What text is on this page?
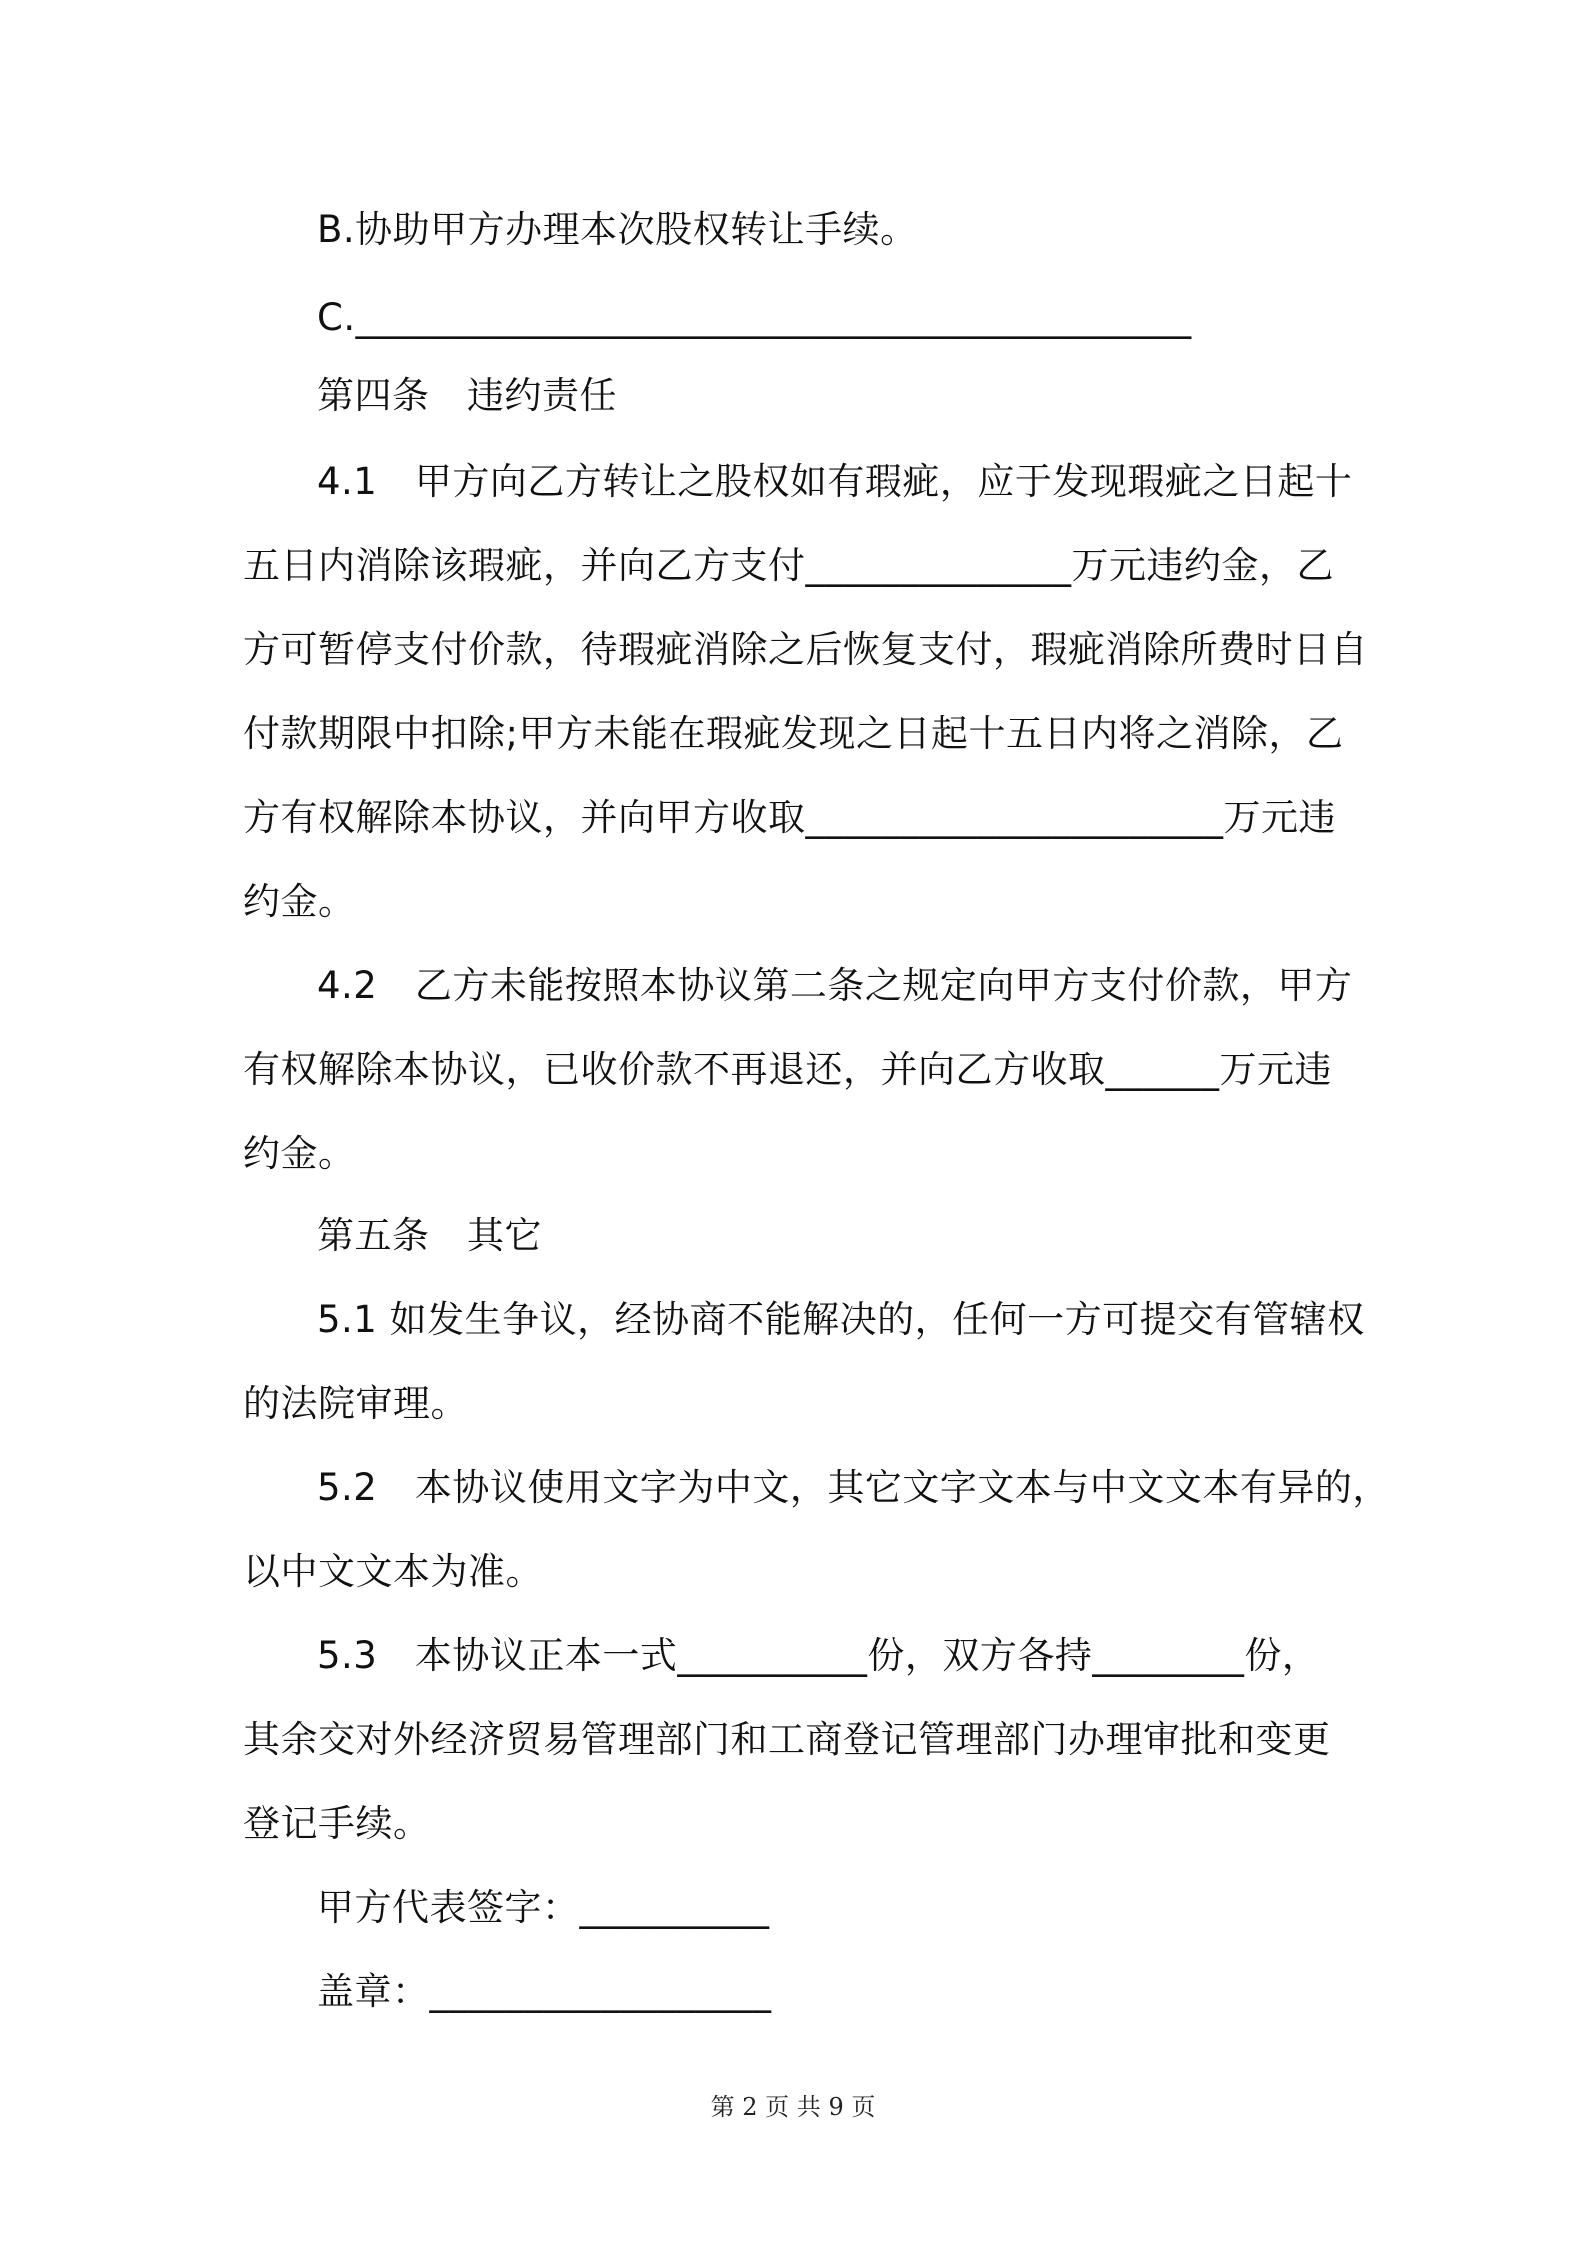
B.协助甲方办理本次股权转让手续。
C.____________________________________________
第四条　违约责任
4.1　甲方向乙方转让之股权如有瑕疵，应于发现瑕疵之日起十
五日内消除该瑕疵，并向乙方支付______________万元违约金，乙
方可暂停支付价款，待瑕疵消除之后恢复支付，瑕疵消除所费时日自
付款期限中扣除;甲方未能在瑕疵发现之日起十五日内将之消除，乙
方有权解除本协议，并向甲方收取______________________万元违
约金。
4.2　乙方未能按照本协议第二条之规定向甲方支付价款，甲方
有权解除本协议，已收价款不再退还，并向乙方收取______万元违
约金。
第五条　其它
5.1 如发生争议，经协商不能解决的，任何一方可提交有管辖权
的法院审理。
5.2　本协议使用文字为中文，其它文字文本与中文文本有异的，
以中文文本为准。
5.3　本协议正本一式__________份，双方各持________份，
其余交对外经济贸易管理部门和工商登记管理部门办理审批和变更
登记手续。
甲方代表签字：__________
盖章：__________________
第 2 页 共 9 页
